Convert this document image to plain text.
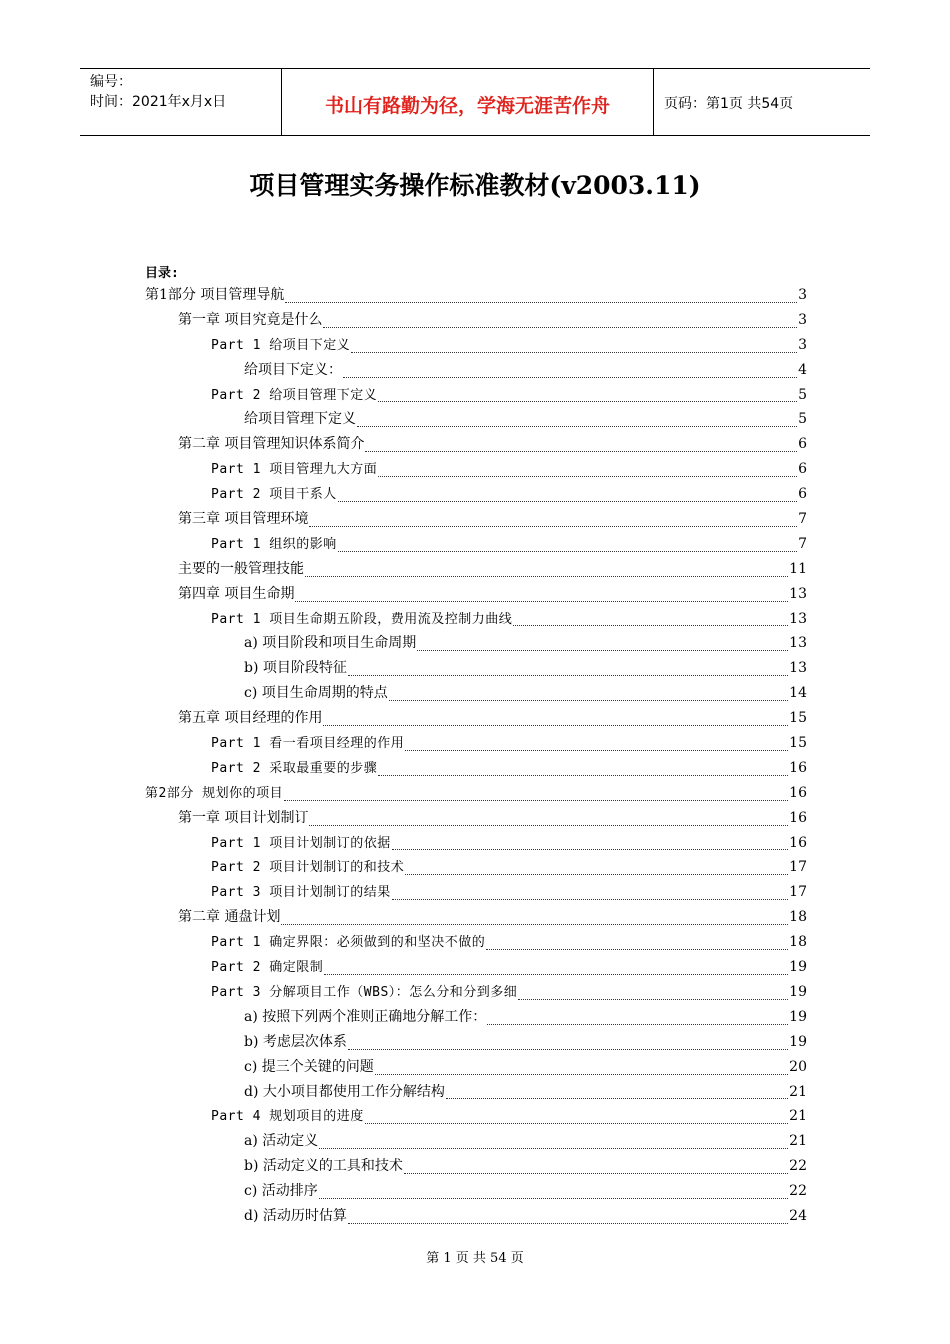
编号：
时间：2021年x月x日	书山有路勤为径，学海无涯苦作舟	页码：第1页 共54页
项目管理实务操作标准教材(v2003.11)
目录:
第1部分 项目管理导航	3
第一章 项目究竟是什么	3
Part 1 给项目下定义	3
给项目下定义：	4
Part 2 给项目管理下定义	5
给项目管理下定义	5
第二章 项目管理知识体系简介	6
Part 1 项目管理九大方面	6
Part 2 项目干系人	6
第三章 项目管理环境	7
Part 1 组织的影响	7
主要的一般管理技能	11
第四章 项目生命期	13
Part 1 项目生命期五阶段，费用流及控制力曲线	13
a) 项目阶段和项目生命周期	13
b) 项目阶段特征	13
c) 项目生命周期的特点	14
第五章 项目经理的作用	15
Part 1 看一看项目经理的作用	15
Part 2 采取最重要的步骤	16
第2部分 规划你的项目	16
第一章 项目计划制订	16
Part 1 项目计划制订的依据	16
Part 2 项目计划制订的和技术	17
Part 3 项目计划制订的结果	17
第二章 通盘计划	18
Part 1 确定界限：必须做到的和坚决不做的	18
Part 2 确定限制	19
Part 3 分解项目工作（WBS）：怎么分和分到多细	19
a) 按照下列两个准则正确地分解工作：	19
b) 考虑层次体系	19
c) 提三个关键的问题	20
d) 大小项目都使用工作分解结构	21
Part 4 规划项目的进度	21
a) 活动定义	21
b) 活动定义的工具和技术	22
c) 活动排序	22
d) 活动历时估算	24
第 1 页 共 54 页
